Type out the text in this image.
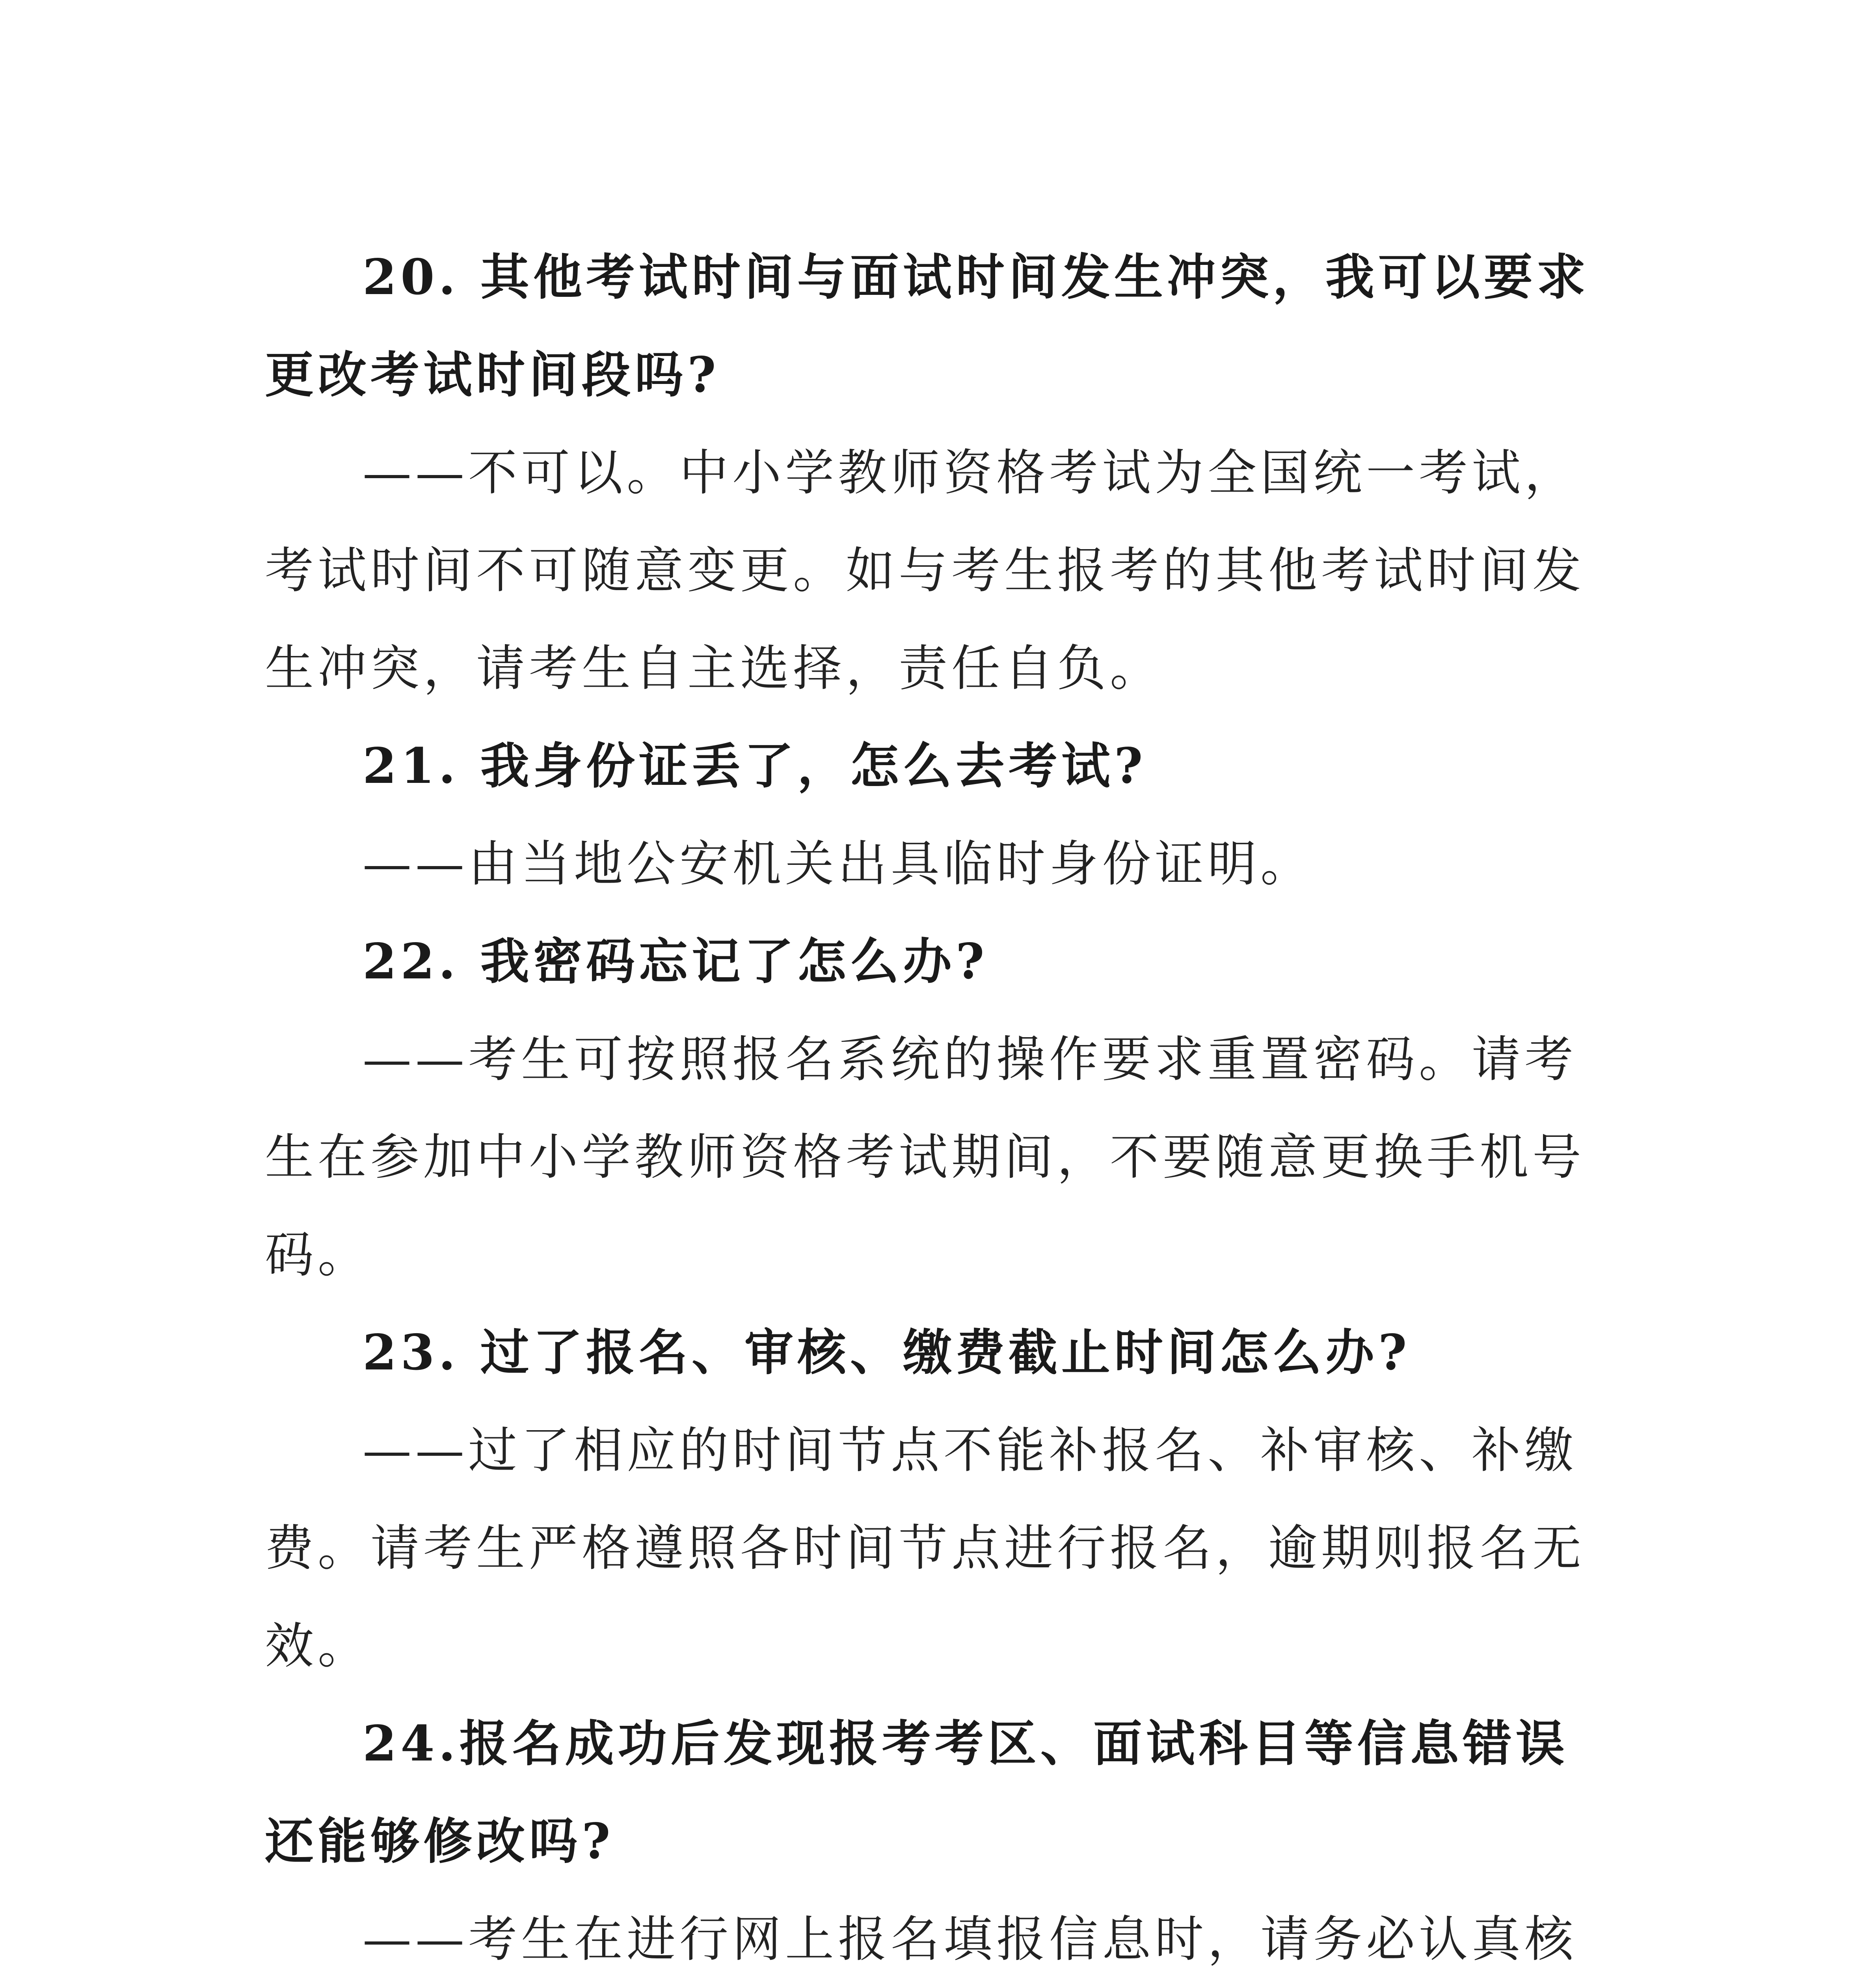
20. 其他考试时间与面试时间发生冲突，我可以要求更改考试时间段吗?

——不可以。中小学教师资格考试为全国统一考试，考试时间不可随意变更。如与考生报考的其他考试时间发生冲突，请考生自主选择，责任自负。

21. 我身份证丢了，怎么去考试?

——由当地公安机关出具临时身份证明。

22. 我密码忘记了怎么办?

——考生可按照报名系统的操作要求重置密码。请考生在参加中小学教师资格考试期间，不要随意更换手机号码。

23. 过了报名、审核、缴费截止时间怎么办?

——过了相应的时间节点不能补报名、补审核、补缴费。请考生严格遵照各时间节点进行报名，逾期则报名无效。

24.报名成功后发现报考考区、面试科目等信息错误还能够修改吗?

——考生在进行网上报名填报信息时，请务必认真核
